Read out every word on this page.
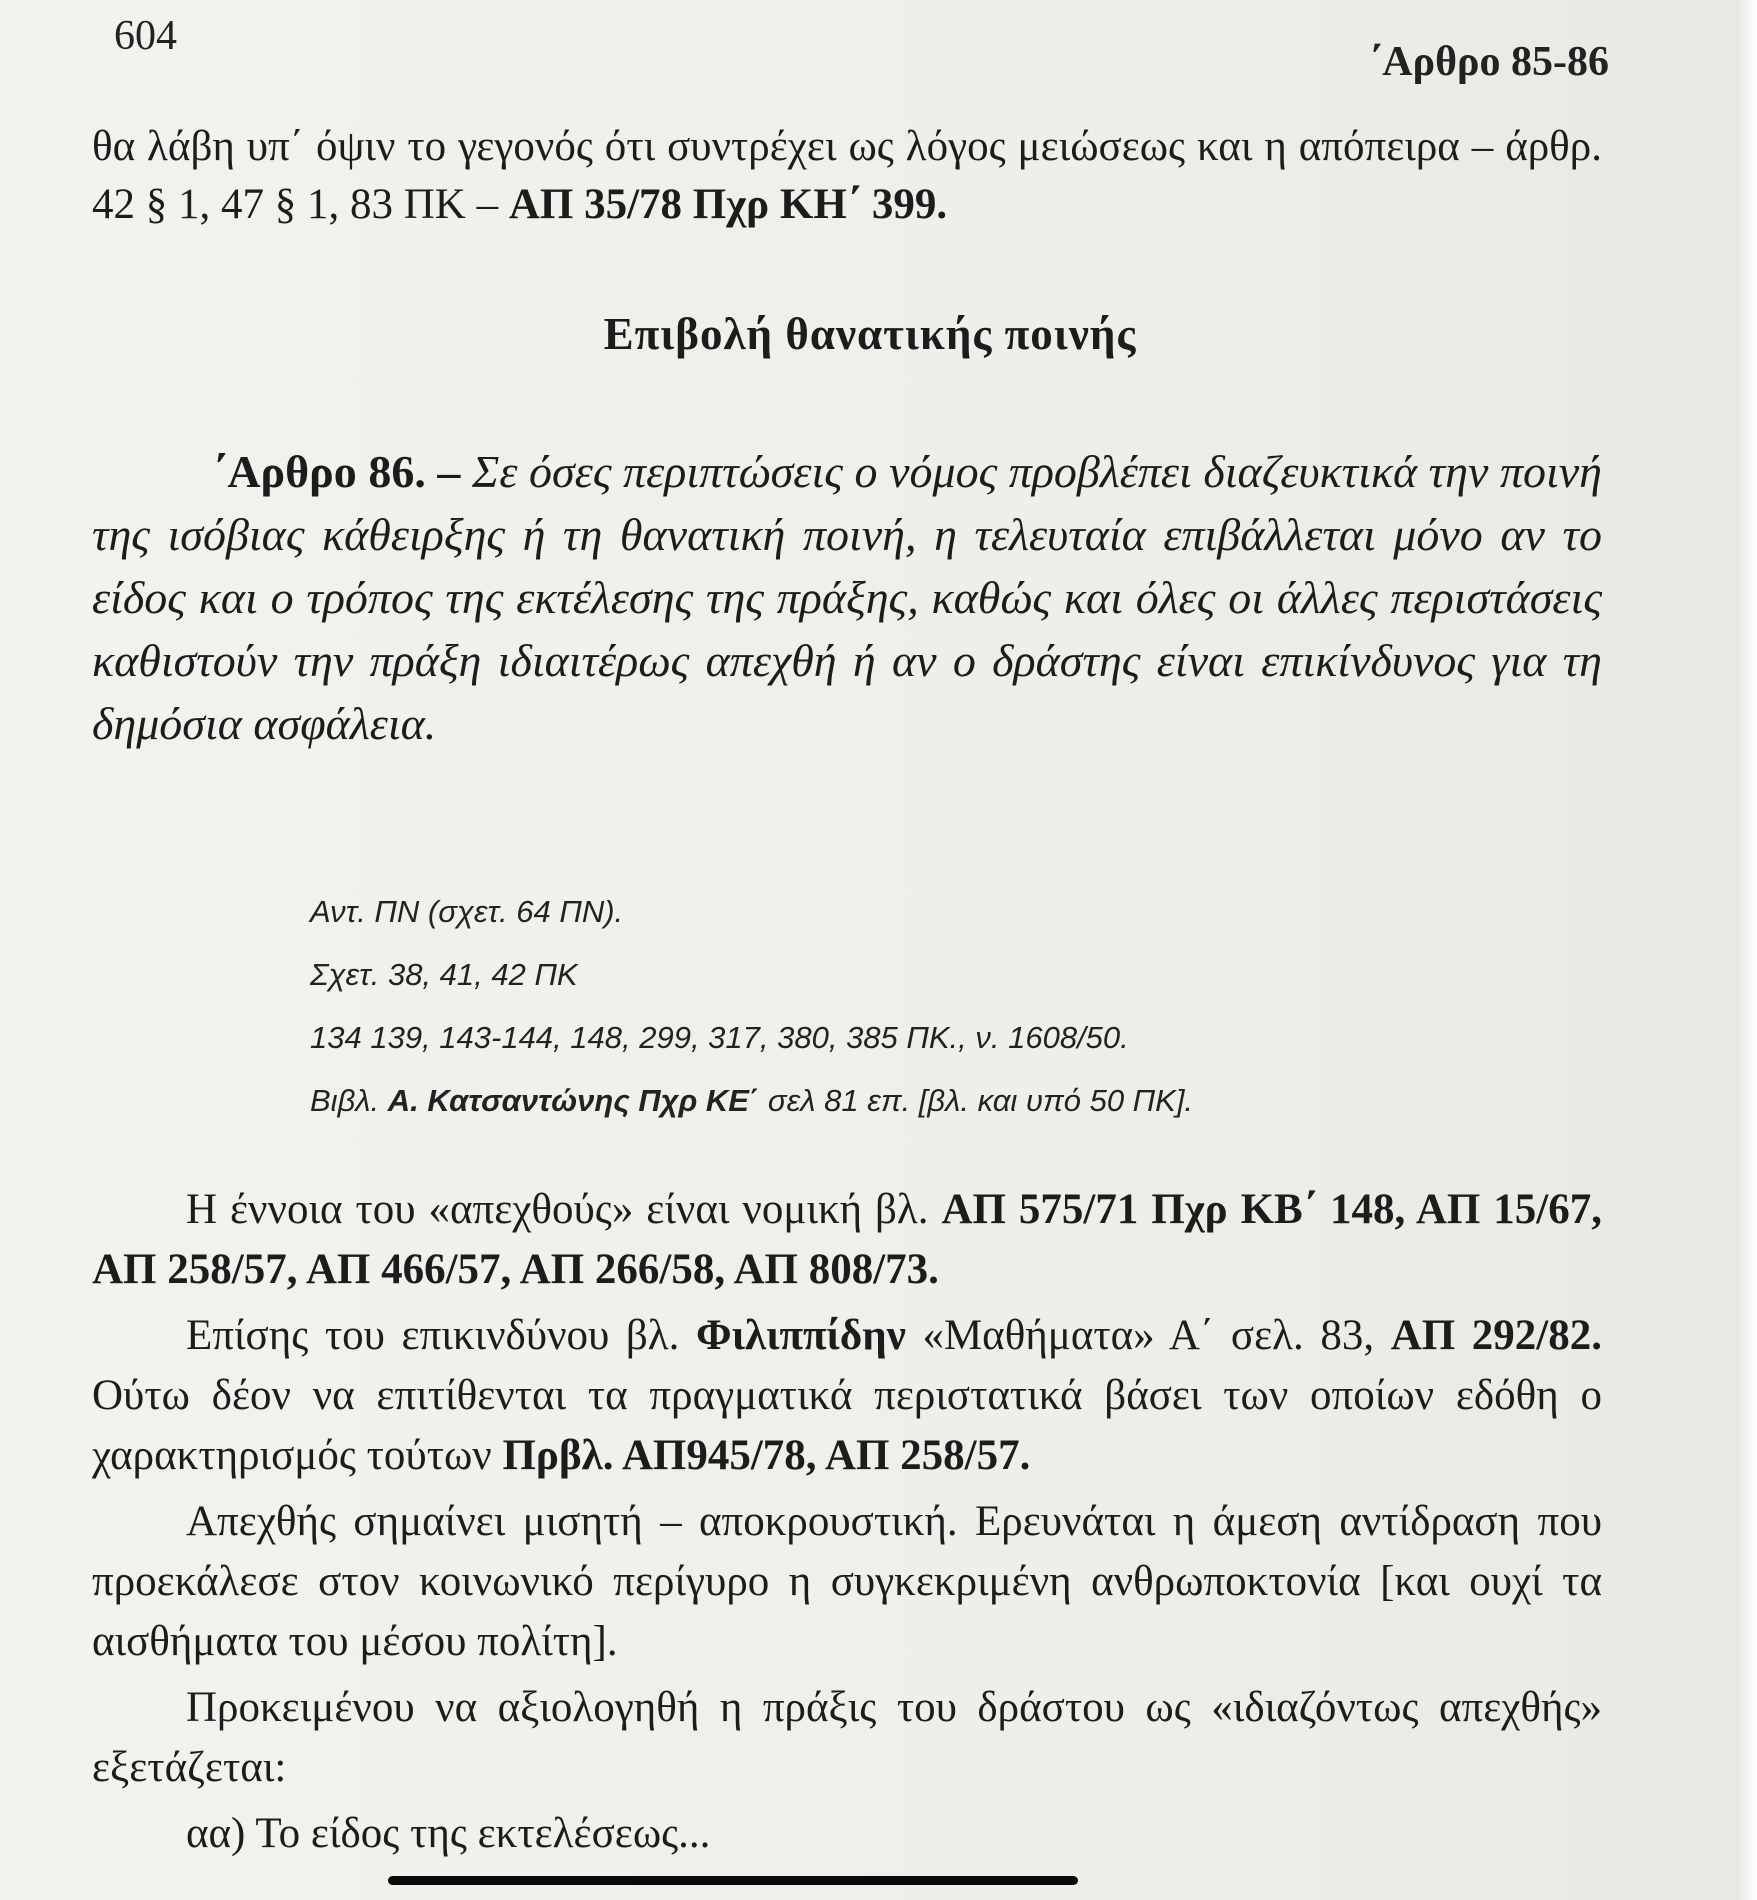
604
΄Αρθρο 85-86

θα λάβη υπ΄ όψιν το γεγονός ότι συντρέχει ως λόγος μειώσεως και η απόπειρα – άρθρ. 42 § 1, 47 § 1, 83 ΠΚ – ΑΠ 35/78 Πχρ ΚΗ΄ 399.

Επιβολή θανατικής ποινής

΄Αρθρο 86. – Σε όσες περιπτώσεις ο νόμος προβλέπει διαζευκτικά την ποινή της ισόβιας κάθειρξης ή τη θανατική ποινή, η τελευταία επιβάλλεται μόνο αν το είδος και ο τρόπος της εκτέλεσης της πράξης, καθώς και όλες οι άλλες περιστάσεις καθιστούν την πράξη ιδιαιτέρως απεχθή ή αν ο δράστης είναι επικίνδυνος για τη δημόσια ασφάλεια.

Αντ. ΠΝ (σχετ. 64 ΠΝ).
Σχετ. 38, 41, 42 ΠΚ
134 139, 143-144, 148, 299, 317, 380, 385 ΠΚ., ν. 1608/50.
Βιβλ. Α. Κατσαντώνης Πχρ ΚΕ΄ σελ 81 επ. [βλ. και υπό 50 ΠΚ].

Η έννοια του «απεχθούς» είναι νομική βλ. ΑΠ 575/71 Πχρ ΚΒ΄ 148, ΑΠ 15/67, ΑΠ 258/57, ΑΠ 466/57, ΑΠ 266/58, ΑΠ 808/73.

Επίσης του επικινδύνου βλ. Φιλιππίδην «Μαθήματα» Α΄ σελ. 83, ΑΠ 292/82. Ούτω δέον να επιτίθενται τα πραγματικά περιστατικά βάσει των οποίων εδόθη ο χαρακτηρισμός τούτων Πρβλ. ΑΠ945/78, ΑΠ 258/57.

Απεχθής σημαίνει μισητή – αποκρουστική. Ερευνάται η άμεση αντίδραση που προεκάλεσε στον κοινωνικό περίγυρο η συγκεκριμένη ανθρωποκτονία [και ουχί τα αισθήματα του μέσου πολίτη].

Προκειμένου να αξιολογηθή η πράξις του δράστου ως «ιδιαζόντως απεχθής» εξετάζεται:

αα) Το είδος της εκτελέσεως...
